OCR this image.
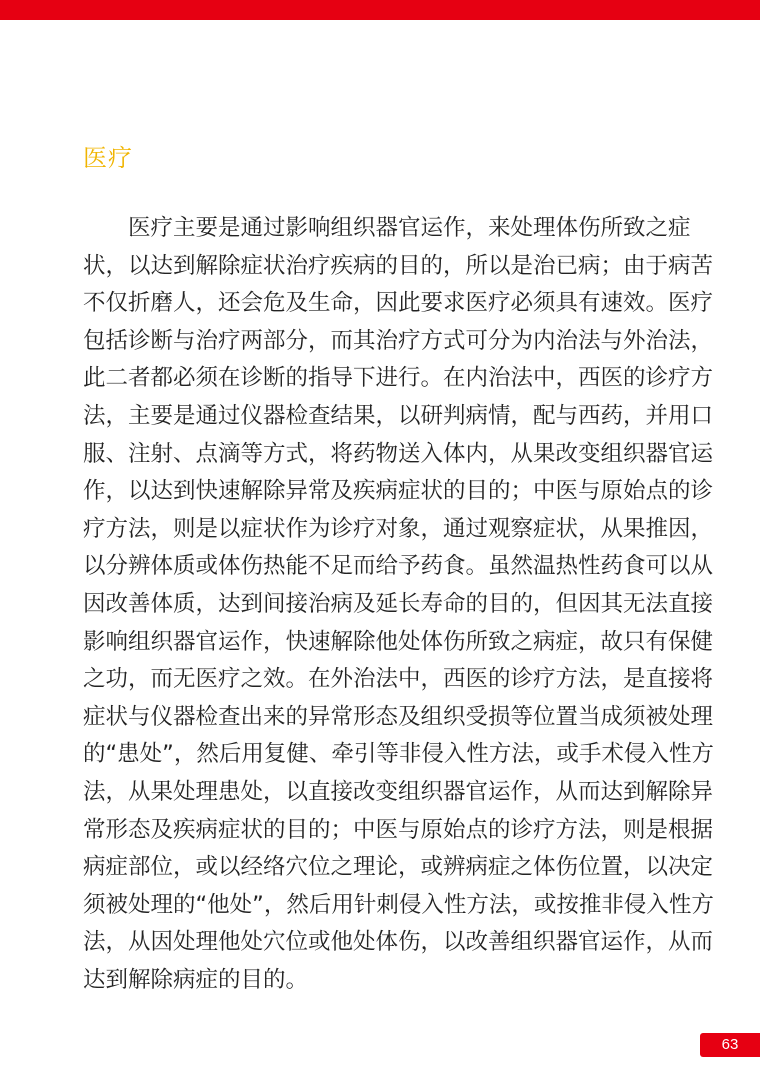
医疗
医疗主要是通过影响组织器官运作，来处理体伤所致之症
状，以达到解除症状治疗疾病的目的，所以是治已病；由于病苦
不仅折磨人，还会危及生命，因此要求医疗必须具有速效。医疗
包括诊断与治疗两部分，而其治疗方式可分为内治法与外治法，
此二者都必须在诊断的指导下进行。在内治法中，西医的诊疗方
法，主要是通过仪器检查结果，以研判病情，配与西药，并用口
服、注射、点滴等方式，将药物送入体内，从果改变组织器官运
作，以达到快速解除异常及疾病症状的目的；中医与原始点的诊
疗方法，则是以症状作为诊疗对象，通过观察症状，从果推因，
以分辨体质或体伤热能不足而给予药食。虽然温热性药食可以从
因改善体质，达到间接治病及延长寿命的目的，但因其无法直接
影响组织器官运作，快速解除他处体伤所致之病症，故只有保健
之功，而无医疗之效。在外治法中，西医的诊疗方法，是直接将
症状与仪器检查出来的异常形态及组织受损等位置当成须被处理
的“患处”，然后用复健、牵引等非侵入性方法，或手术侵入性方
法，从果处理患处，以直接改变组织器官运作，从而达到解除异
常形态及疾病症状的目的；中医与原始点的诊疗方法，则是根据
病症部位，或以经络穴位之理论，或辨病症之体伤位置，以决定
须被处理的“他处”，然后用针刺侵入性方法，或按推非侵入性方
法，从因处理他处穴位或他处体伤，以改善组织器官运作，从而
达到解除病症的目的。
63
